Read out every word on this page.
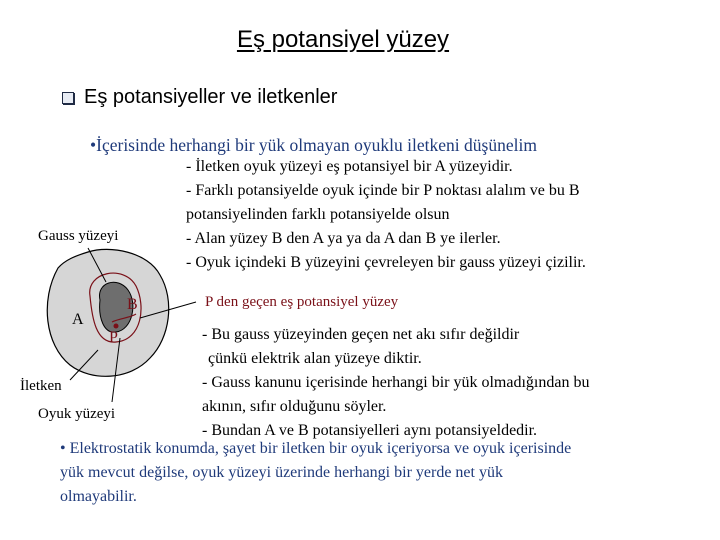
Eş potansiyel yüzey
Eş potansiyeller ve iletkenler
•İçerisinde herhangi bir yük olmayan oyuklu iletkeni düşünelim
- İletken oyuk yüzeyi eş potansiyel bir A yüzeyidir.
- Farklı potansiyelde oyuk içinde bir P noktası alalım ve bu B
potansiyelinden farklı potansiyelde olsun
- Alan yüzey B den A ya ya da A dan B ye ilerler.
- Oyuk içindeki B yüzeyini çevreleyen bir gauss yüzeyi çizilir.
Gauss yüzeyi
A
B
P
İletken
Oyuk yüzeyi
P den geçen eş potansiyel yüzey
- Bu gauss yüzeyinden geçen net akı sıfır değildir
çünkü elektrik alan yüzeye diktir.
- Gauss kanunu içerisinde herhangi bir yük olmadığından bu
akının, sıfır olduğunu söyler.
- Bundan A ve B potansiyelleri aynı potansiyeldedir.
• Elektrostatik konumda, şayet bir iletken bir oyuk içeriyorsa ve oyuk içerisinde
yük mevcut değilse, oyuk yüzeyi üzerinde herhangi bir yerde net yük
olmayabilir.
